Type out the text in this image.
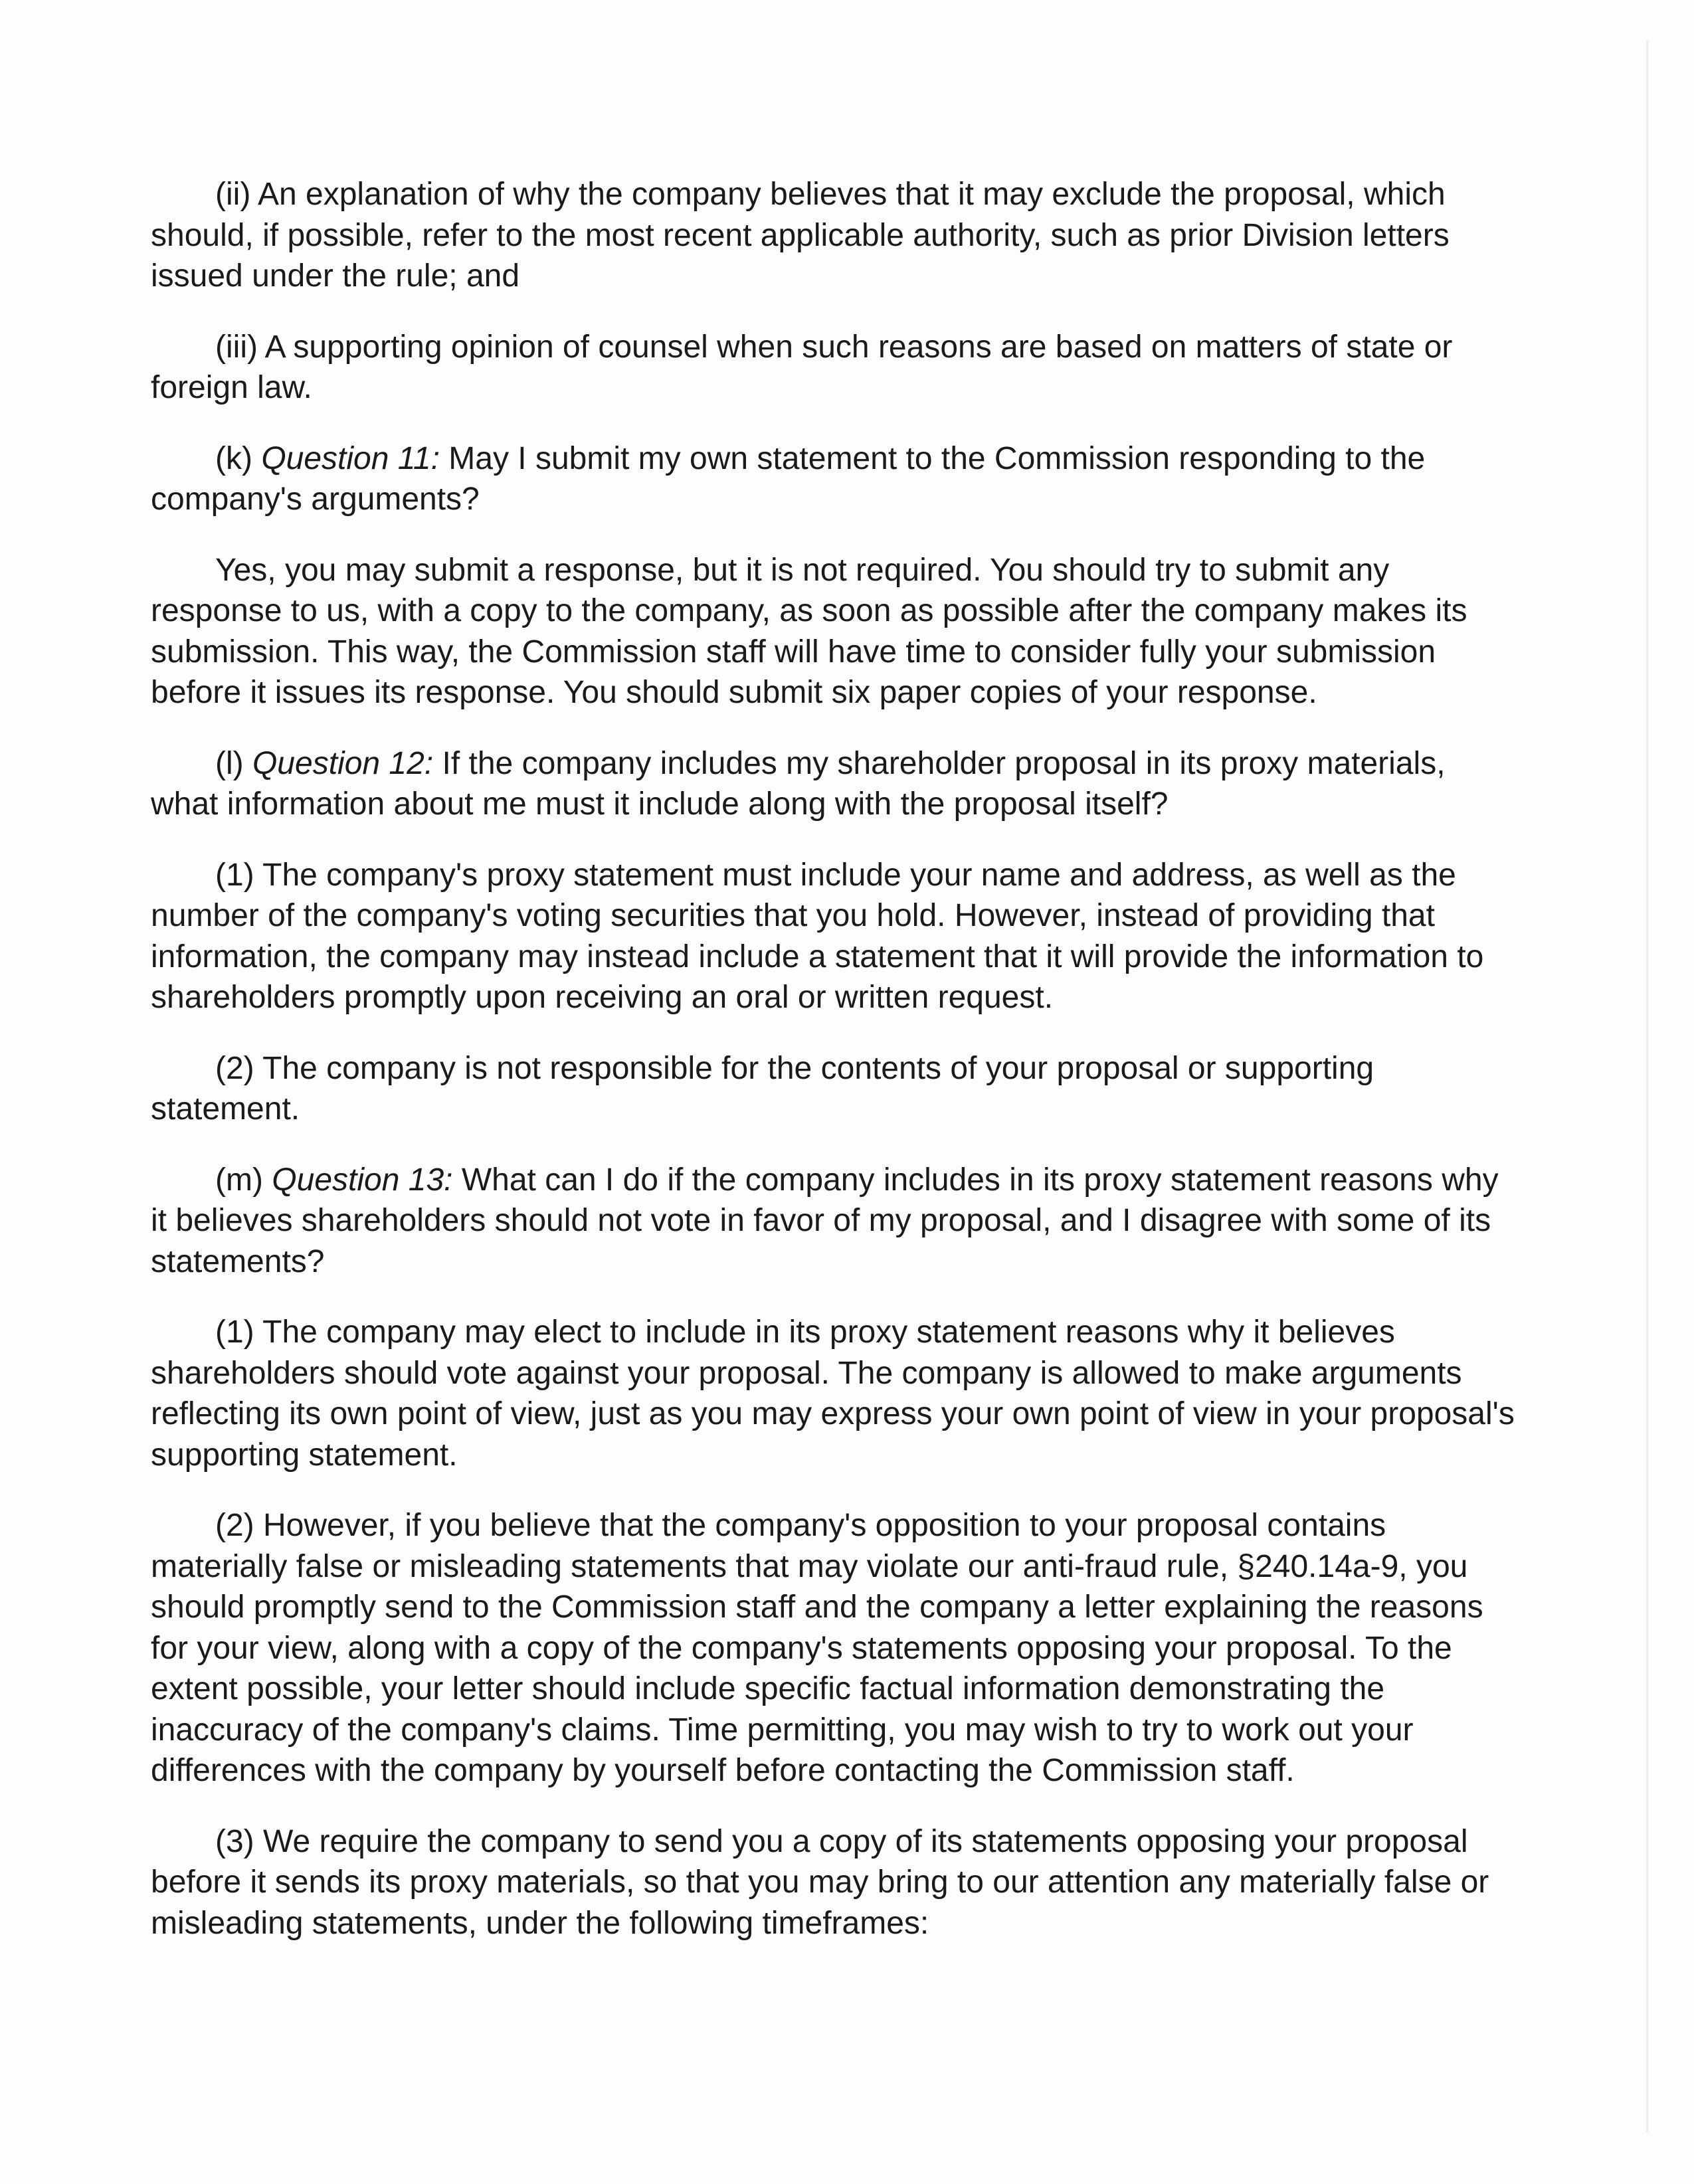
(ii) An explanation of why the company believes that it may exclude the proposal, which should, if possible, refer to the most recent applicable authority, such as prior Division letters issued under the rule; and

(iii) A supporting opinion of counsel when such reasons are based on matters of state or foreign law.

(k) Question 11: May I submit my own statement to the Commission responding to the company's arguments?

Yes, you may submit a response, but it is not required. You should try to submit any response to us, with a copy to the company, as soon as possible after the company makes its submission. This way, the Commission staff will have time to consider fully your submission before it issues its response. You should submit six paper copies of your response.

(l) Question 12: If the company includes my shareholder proposal in its proxy materials, what information about me must it include along with the proposal itself?

(1) The company's proxy statement must include your name and address, as well as the number of the company's voting securities that you hold. However, instead of providing that information, the company may instead include a statement that it will provide the information to shareholders promptly upon receiving an oral or written request.

(2) The company is not responsible for the contents of your proposal or supporting statement.

(m) Question 13: What can I do if the company includes in its proxy statement reasons why it believes shareholders should not vote in favor of my proposal, and I disagree with some of its statements?

(1) The company may elect to include in its proxy statement reasons why it believes shareholders should vote against your proposal. The company is allowed to make arguments reflecting its own point of view, just as you may express your own point of view in your proposal's supporting statement.

(2) However, if you believe that the company's opposition to your proposal contains materially false or misleading statements that may violate our anti-fraud rule, §240.14a-9, you should promptly send to the Commission staff and the company a letter explaining the reasons for your view, along with a copy of the company's statements opposing your proposal. To the extent possible, your letter should include specific factual information demonstrating the inaccuracy of the company's claims. Time permitting, you may wish to try to work out your differences with the company by yourself before contacting the Commission staff.

(3) We require the company to send you a copy of its statements opposing your proposal before it sends its proxy materials, so that you may bring to our attention any materially false or misleading statements, under the following timeframes:
